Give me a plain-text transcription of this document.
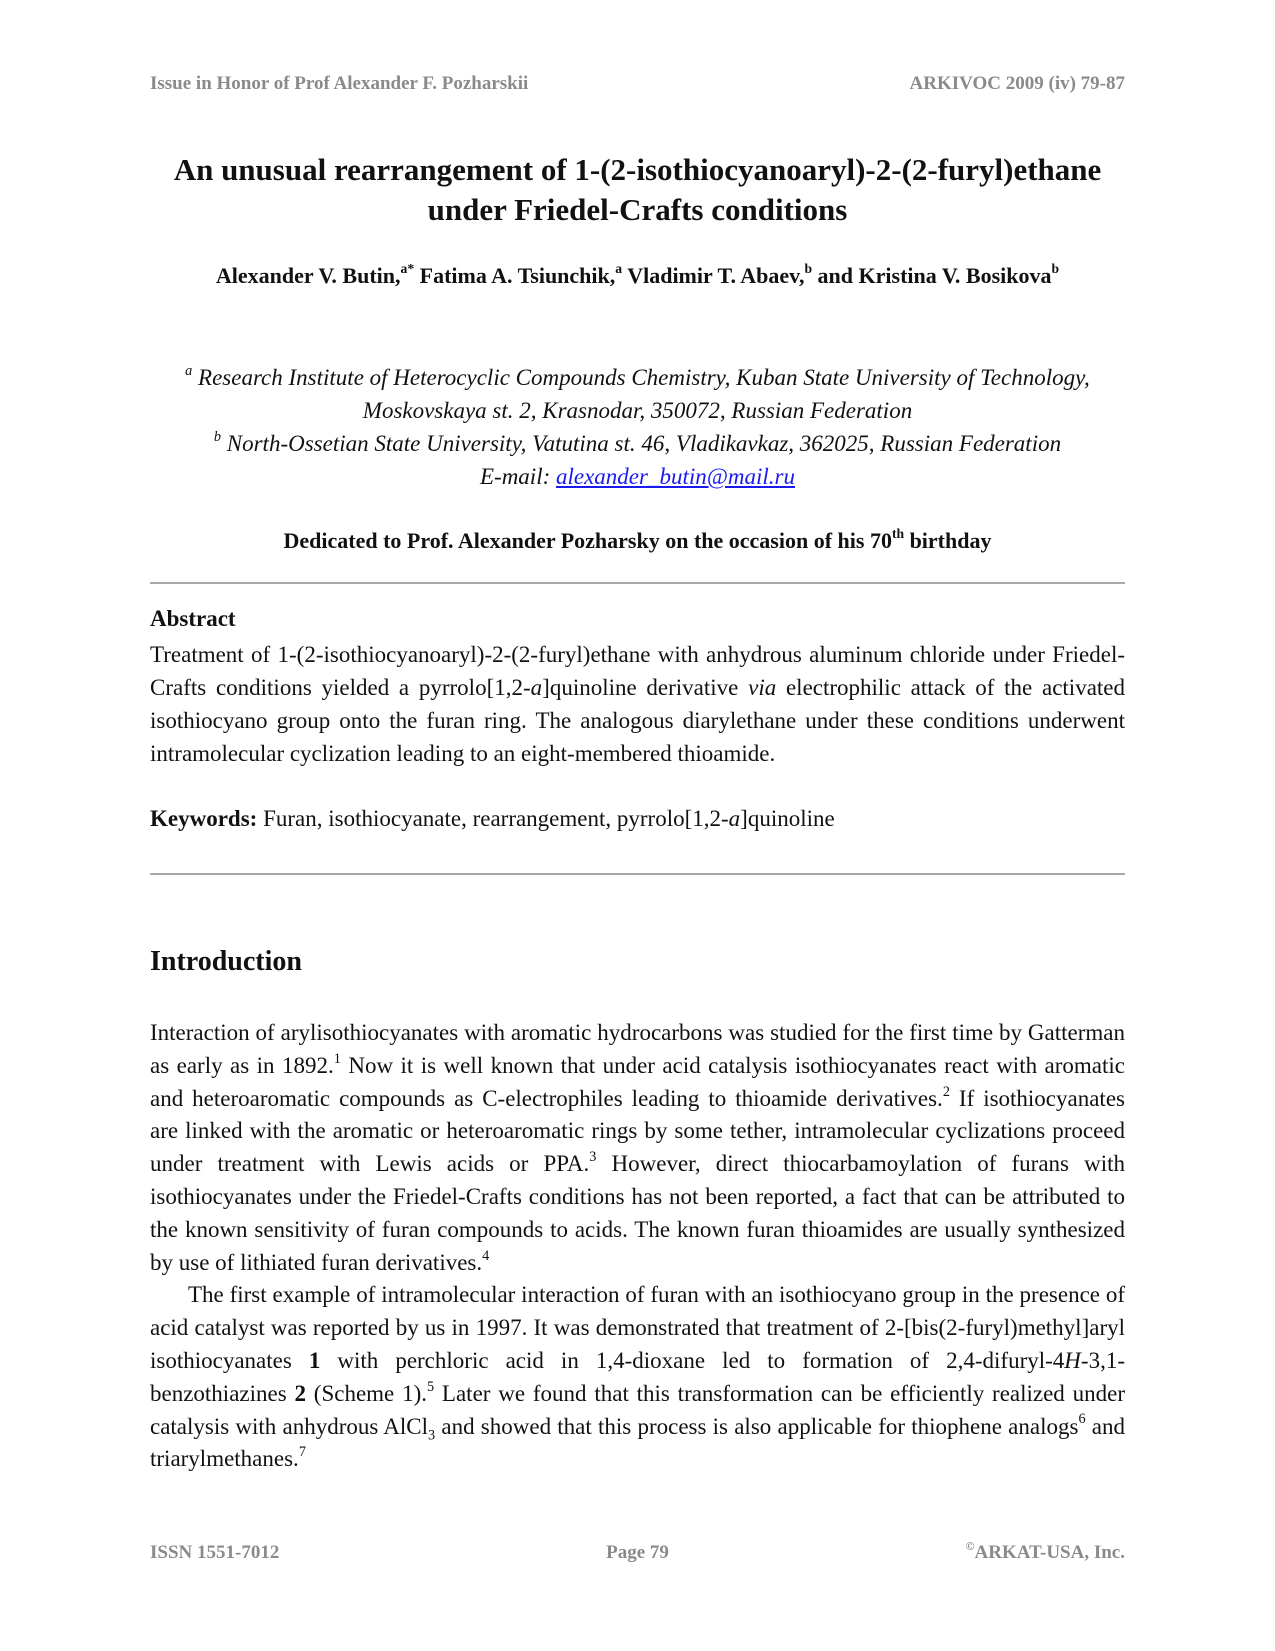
Issue in Honor of Prof Alexander F. Pozharskii	ARKIVOC 2009 (iv) 79-87
An unusual rearrangement of 1-(2-isothiocyanoaryl)-2-(2-furyl)ethane under Friedel-Crafts conditions
Alexander V. Butin,$^{a*}$ Fatima A. Tsiunchik,$^a$ Vladimir T. Abaev,$^b$ and Kristina V. Bosikova$^b$
$^a$ Research Institute of Heterocyclic Compounds Chemistry, Kuban State University of Technology, Moskovskaya st. 2, Krasnodar, 350072, Russian Federation
$^b$ North-Ossetian State University, Vatutina st. 46, Vladikavkaz, 362025, Russian Federation
E-mail: alexander_butin@mail.ru
Dedicated to Prof. Alexander Pozharsky on the occasion of his 70th birthday
Abstract
Treatment of 1-(2-isothiocyanoaryl)-2-(2-furyl)ethane with anhydrous aluminum chloride under Friedel-Crafts conditions yielded a pyrrolo[1,2-a]quinoline derivative via electrophilic attack of the activated isothiocyano group onto the furan ring. The analogous diarylethane under these conditions underwent intramolecular cyclization leading to an eight-membered thioamide.
Keywords: Furan, isothiocyanate, rearrangement, pyrrolo[1,2-a]quinoline
Introduction

Interaction of arylisothiocyanates with aromatic hydrocarbons was studied for the first time by Gatterman as early as in 1892.$^1$ Now it is well known that under acid catalysis isothiocyanates react with aromatic and heteroaromatic compounds as C-electrophiles leading to thioamide derivatives.$^2$ If isothiocyanates are linked with the aromatic or heteroaromatic rings by some tether, intramolecular cyclizations proceed under treatment with Lewis acids or PPA.$^3$ However, direct thiocarbamoylation of furans with isothiocyanates under the Friedel-Crafts conditions has not been reported, a fact that can be attributed to the known sensitivity of furan compounds to acids. The known furan thioamides are usually synthesized by use of lithiated furan derivatives.$^4$

The first example of intramolecular interaction of furan with an isothiocyano group in the presence of acid catalyst was reported by us in 1997. It was demonstrated that treatment of 2-[bis(2-furyl)methyl]aryl isothiocyanates 1 with perchloric acid in 1,4-dioxane led to formation of 2,4-difuryl-4H-3,1-benzothiazines 2 (Scheme 1).$^5$ Later we found that this transformation can be efficiently realized under catalysis with anhydrous AlCl$_3$ and showed that this process is also applicable for thiophene analogs$^6$ and triarylmethanes.$^7$

ISSN 1551-7012	Page 79	©ARKAT-USA, Inc.
